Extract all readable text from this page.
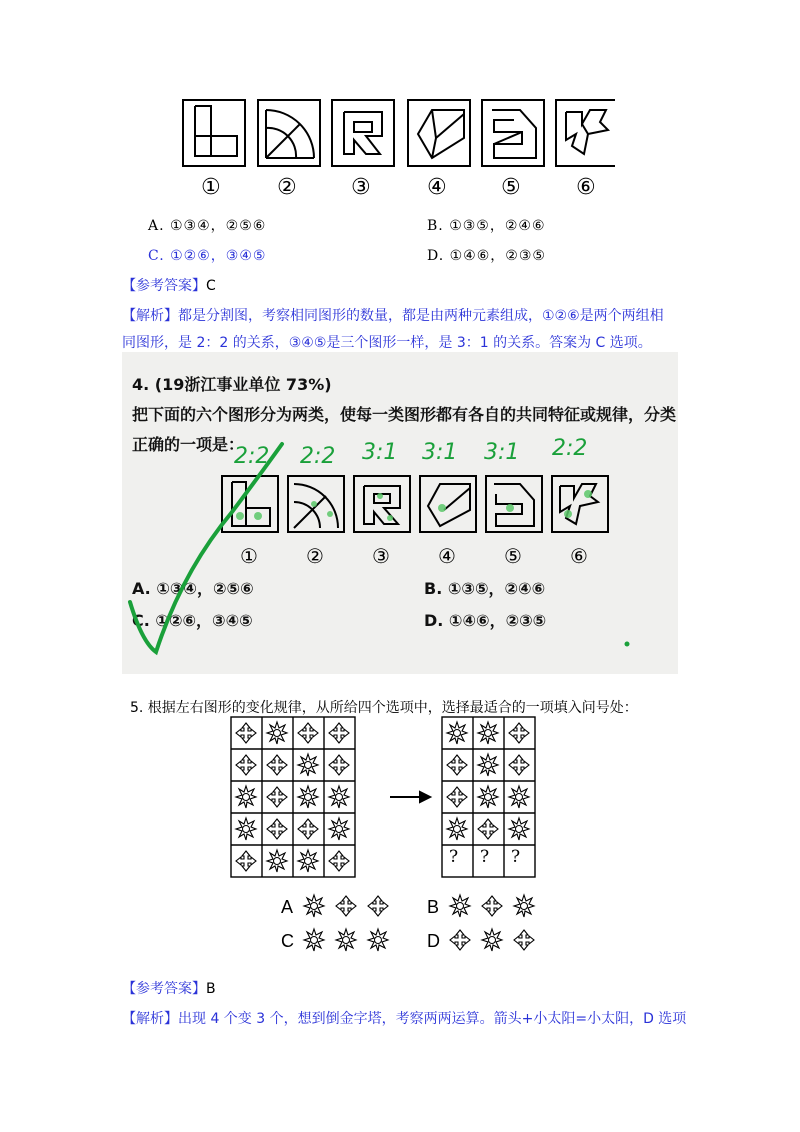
①	② ③	④ ⑤	⑥
A. ①③④，②⑤⑥	B. ①③⑤，②④⑥
C. ①②⑥，③④⑤	D. ①④⑥，②③⑤
【参考答案】C
【解析】都是分割图，考察相同图形的数量，都是由两种元素组成，①②⑥是两个两组相
同图形，是 2：2 的关系，③④⑤是三个图形一样，是 3：1 的关系。答案为 C 选项。
4. (19浙江事业单位 73%)
把下面的六个图形分为两类，使每一类图形都有各自的共同特征或规律，分类
正确的一项是：
2:2 2:2 3:1 3:1 3:1 2:2
① ② ③ ④ ⑤ ⑥
A. ①③④，②⑤⑥	B. ①③⑤，②④⑥
C. ①②⑥，③④⑤	D. ①④⑥，②③⑤
5. 根据左右图形的变化规律，从所给四个选项中，选择最适合的一项填入问号处：
? ? ?
A	B
C	D
【参考答案】B
【解析】出现 4 个变 3 个，想到倒金字塔，考察两两运算。箭头+小太阳=小太阳，D 选项
